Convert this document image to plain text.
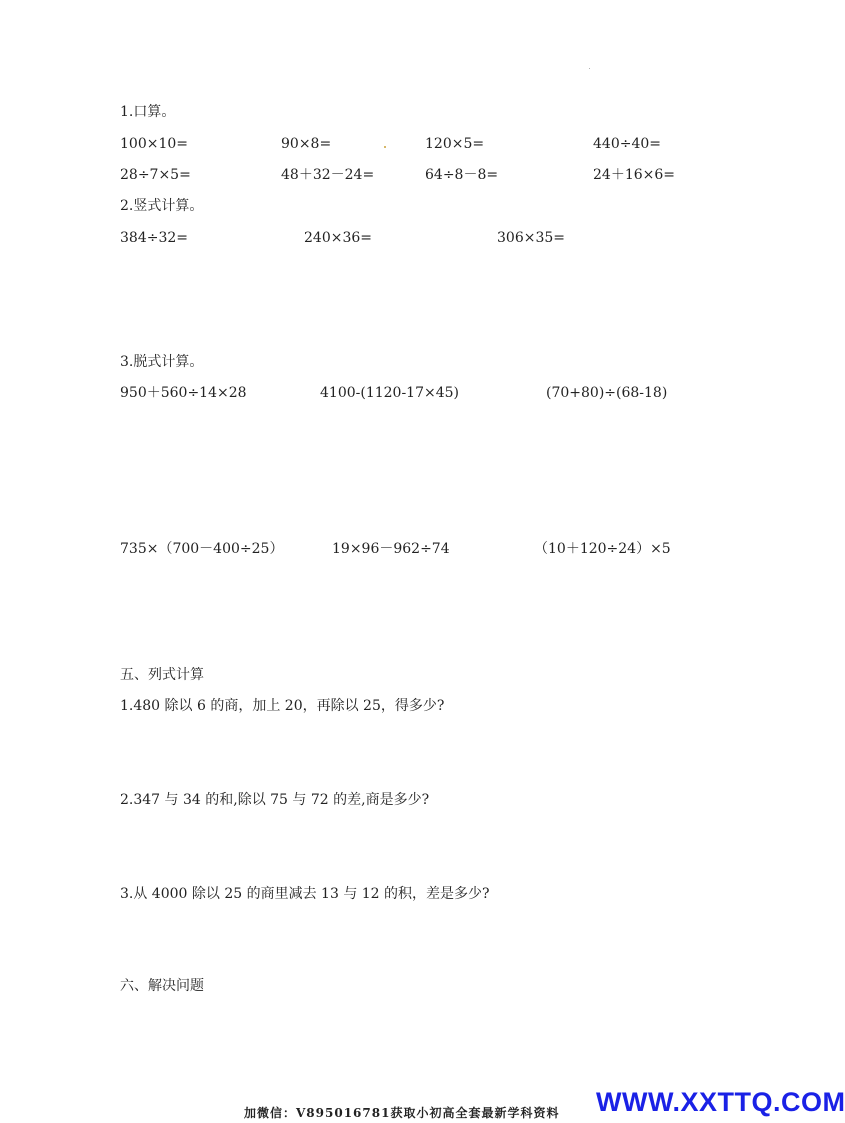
1.口算。
100×10=	90×8=	120×5=	440÷40=
28÷7×5=	48＋32－24=	64÷8－8=	24＋16×6=
2.竖式计算。
384÷32=	240×36=	306×35=
3.脱式计算。
950＋560÷14×28	4100-(1120-17×45)	(70+80)÷(68-18)
735×（700－400÷25）	19×96－962÷74	（10＋120÷24）×5
五、列式计算
1.480 除以 6 的商，加上 20，再除以 25，得多少?
2.347 与 34 的和,除以 75 与 72 的差,商是多少?
3.从 4000 除以 25 的商里减去 13 与 12 的积，差是多少?
六、解决问题
加微信：V895016781获取小初高全套最新学科资料 WWW.XXTTQ.COM
